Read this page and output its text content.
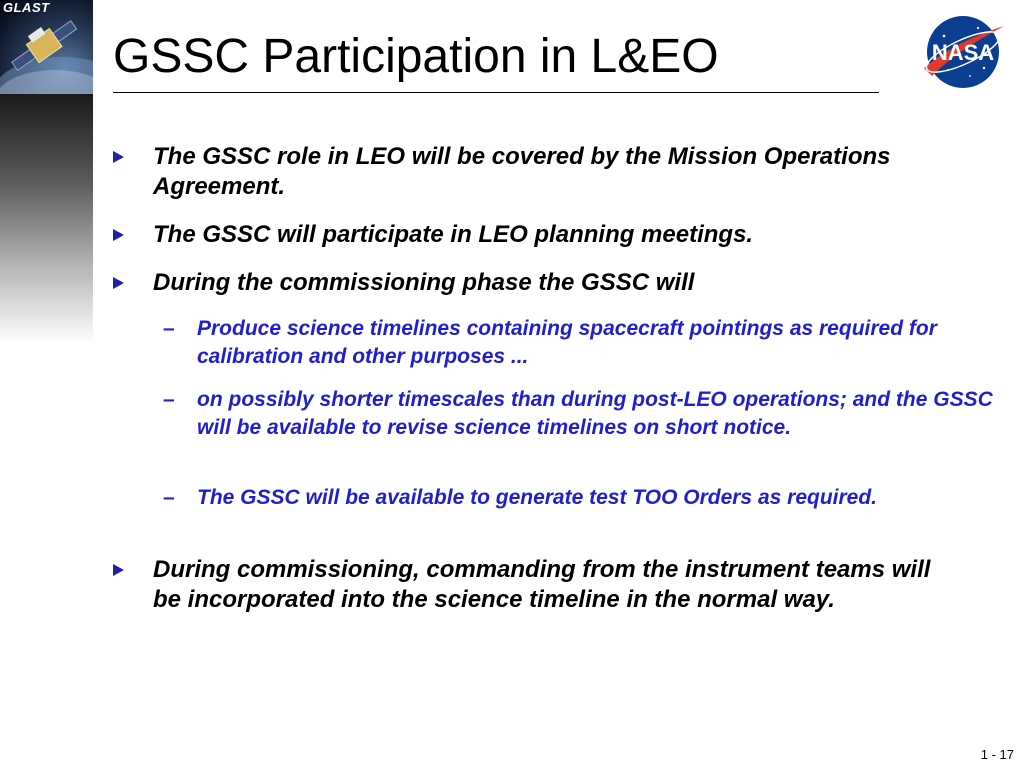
GLAST
GSSC Participation in L&EO	NASA
The GSSC role in LEO will be covered by the Mission Operations Agreement.
The GSSC will participate in LEO planning meetings.
During the commissioning phase the GSSC will
– Produce science timelines containing spacecraft pointings as required for calibration and other purposes ...
– on possibly shorter timescales than during post-LEO operations; and the GSSC will be available to revise science timelines on short notice.
– The GSSC will be available to generate test TOO Orders as required.
During commissioning, commanding from the instrument teams will be incorporated into the science timeline in the normal way.
1 - 17
